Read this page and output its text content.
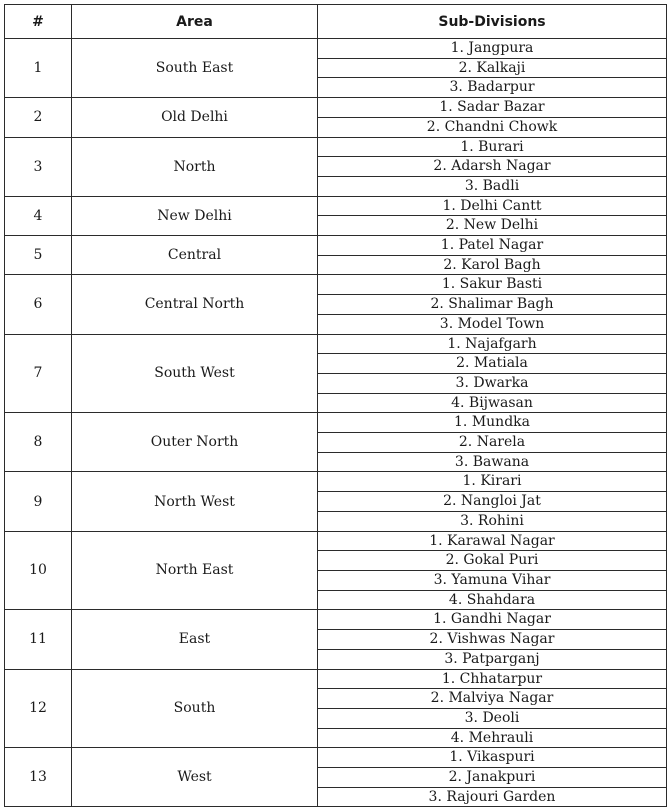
#	Area	Sub-Divisions
1	South East	1. Jangpura
		2. Kalkaji
		3. Badarpur
2	Old Delhi	1. Sadar Bazar
		2. Chandni Chowk
3	North	1. Burari
		2. Adarsh Nagar
		3. Badli
4	New Delhi	1. Delhi Cantt
		2. New Delhi
5	Central	1. Patel Nagar
		2. Karol Bagh
6	Central North	1. Sakur Basti
		2. Shalimar Bagh
		3. Model Town
7	South West	1. Najafgarh
		2. Matiala
		3. Dwarka
		4. Bijwasan
8	Outer North	1. Mundka
		2. Narela
		3. Bawana
9	North West	1. Kirari
		2. Nangloi Jat
		3. Rohini
10	North East	1. Karawal Nagar
		2. Gokal Puri
		3. Yamuna Vihar
		4. Shahdara
11	East	1. Gandhi Nagar
		2. Vishwas Nagar
		3. Patparganj
12	South	1. Chhatarpur
		2. Malviya Nagar
		3. Deoli
		4. Mehrauli
13	West	1. Vikaspuri
		2. Janakpuri
		3. Rajouri Garden
